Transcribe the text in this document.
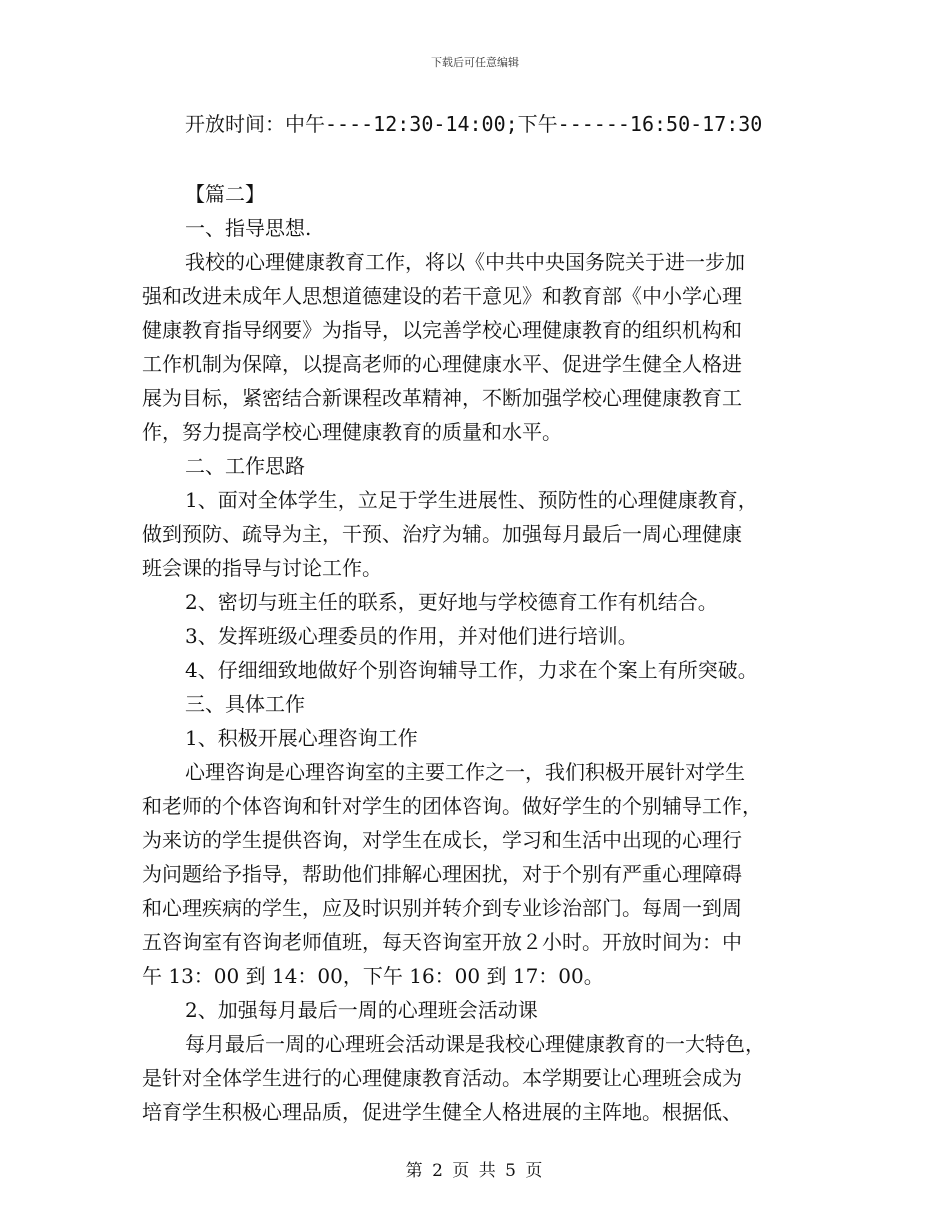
下载后可任意编辑
开放时间：中午----12:30-14:00;下午------16:50-17:30
【篇二】
一、指导思想.
我校的心理健康教育工作，将以《中共中央国务院关于进一步加
强和改进未成年人思想道德建设的若干意见》和教育部《中小学心理
健康教育指导纲要》为指导，以完善学校心理健康教育的组织机构和
工作机制为保障，以提高老师的心理健康水平、促进学生健全人格进
展为目标，紧密结合新课程改革精神，不断加强学校心理健康教育工
作，努力提高学校心理健康教育的质量和水平。
二、工作思路
1、面对全体学生，立足于学生进展性、预防性的心理健康教育，
做到预防、疏导为主，干预、治疗为辅。加强每月最后一周心理健康
班会课的指导与讨论工作。
2、密切与班主任的联系，更好地与学校德育工作有机结合。
3、发挥班级心理委员的作用，并对他们进行培训。
4、仔细细致地做好个别咨询辅导工作，力求在个案上有所突破。
三、具体工作
1、积极开展心理咨询工作
心理咨询是心理咨询室的主要工作之一，我们积极开展针对学生
和老师的个体咨询和针对学生的团体咨询。做好学生的个别辅导工作，
为来访的学生提供咨询，对学生在成长，学习和生活中出现的心理行
为问题给予指导，帮助他们排解心理困扰，对于个别有严重心理障碍
和心理疾病的学生，应及时识别并转介到专业诊治部门。每周一到周
五咨询室有咨询老师值班，每天咨询室开放２小时。开放时间为：中
午 13：00 到 14：00，下午 16：00 到 17：00。
2、加强每月最后一周的心理班会活动课
每月最后一周的心理班会活动课是我校心理健康教育的一大特色，
是针对全体学生进行的心理健康教育活动。本学期要让心理班会成为
培育学生积极心理品质，促进学生健全人格进展的主阵地。根据低、
第 2 页 共 5 页
